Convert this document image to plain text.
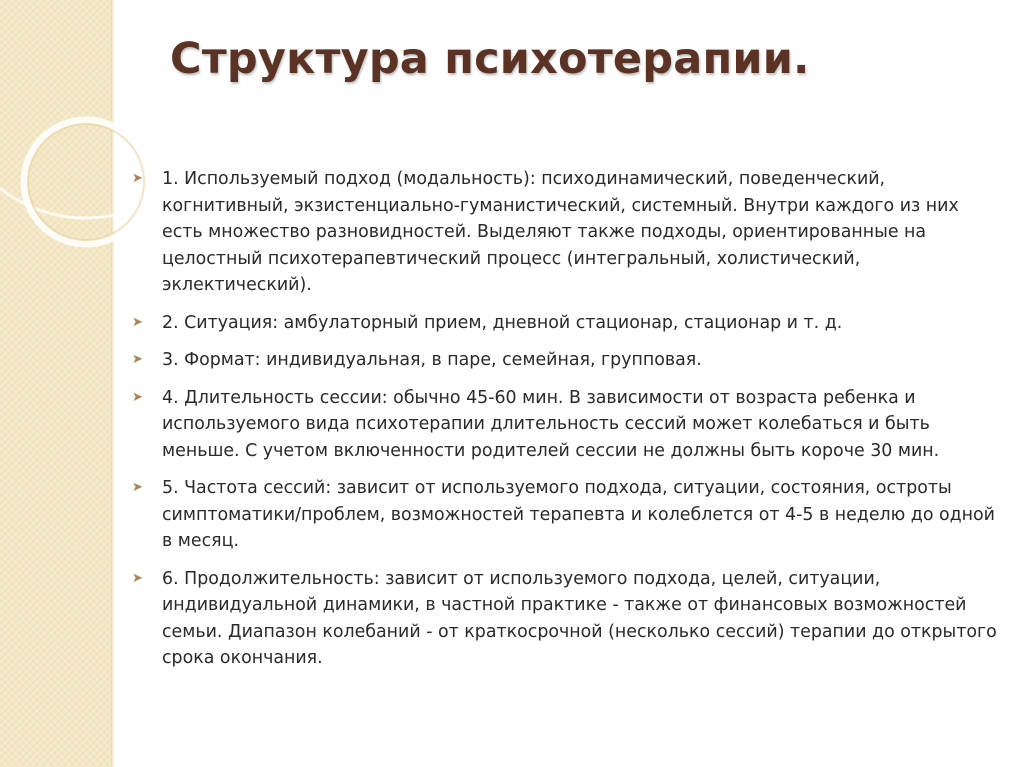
Структура психотерапии.
➤ 1. Используемый подход (модальность): психодинамический, поведенческий, когнитивный, экзистенциально-гуманистический, системный. Внутри каждого из них есть множество разновидностей. Выделяют также подходы, ориентированные на целостный психотерапевтический процесс (интегральный, холистический, эклектический).
➤ 2. Ситуация: амбулаторный прием, дневной стационар, стационар и т. д.
➤ 3. Формат: индивидуальная, в паре, семейная, групповая.
➤ 4. Длительность сессии: обычно 45-60 мин. В зависимости от возраста ребенка и используемого вида психотерапии длительность сессий может колебаться и быть меньше. С учетом включенности родителей сессии не должны быть короче 30 мин.
➤ 5. Частота сессий: зависит от используемого подхода, ситуации, состояния, остроты симптоматики/проблем, возможностей терапевта и колеблется от 4-5 в неделю до одной в месяц.
➤ 6. Продолжительность: зависит от используемого подхода, целей, ситуации, индивидуальной динамики, в частной практике - также от финансовых возможностей семьи. Диапазон колебаний - от краткосрочной (несколько сессий) терапии до открытого срока окончания.
